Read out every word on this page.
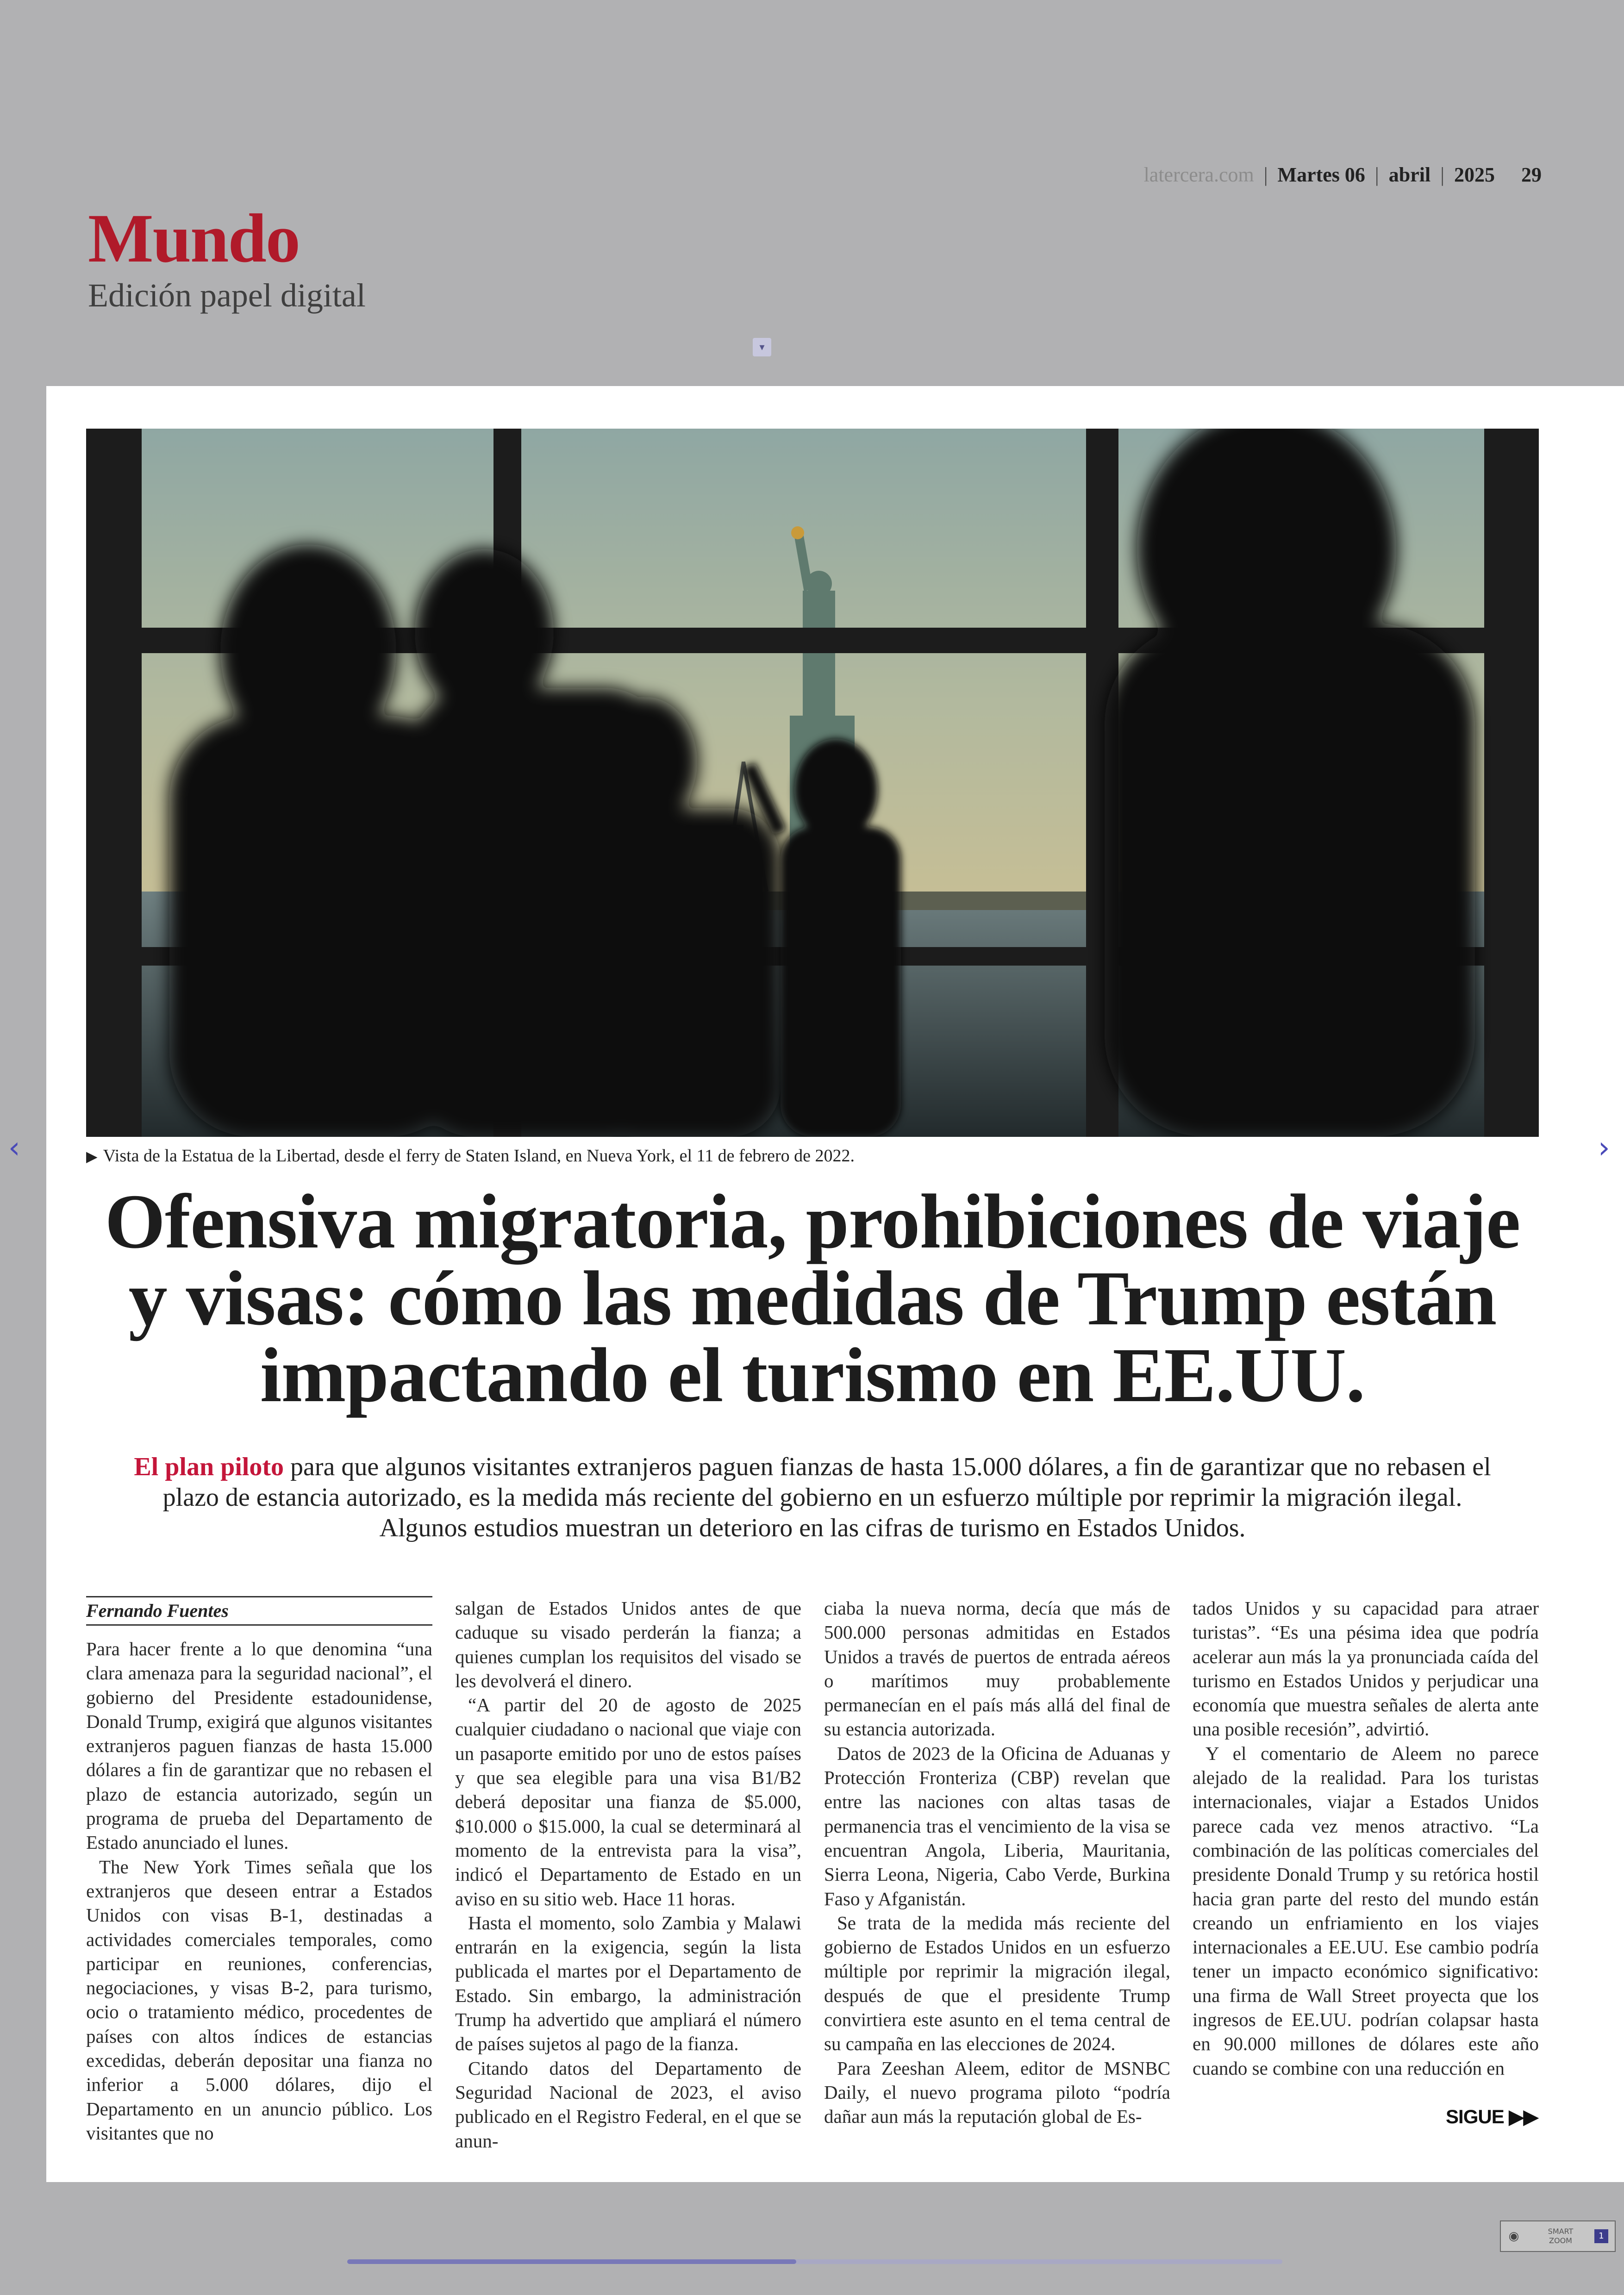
Mundo
Edición papel digital
latercera.com | Martes 06 | abril | 2025 29
▾
▶ Vista de la Estatua de la Libertad, desde el ferry de Staten Island, en Nueva York, el 11 de febrero de 2022.
Ofensiva migratoria, prohibiciones de viaje y visas: cómo las medidas de Trump están impactando el turismo en EE.UU.
El plan piloto para que algunos visitantes extranjeros paguen fianzas de hasta 15.000 dólares, a fin de garantizar que no rebasen el plazo de estancia autorizado, es la medida más reciente del gobierno en un esfuerzo múltiple por reprimir la migración ilegal. Algunos estudios muestran un deterioro en las cifras de turismo en Estados Unidos.
Fernando Fuentes

Para hacer frente a lo que denomina “una clara amenaza para la seguridad nacional”, el gobierno del Presidente estadounidense, Donald Trump, exigirá que algunos visitantes extranjeros paguen fianzas de hasta 15.000 dólares a fin de garantizar que no rebasen el plazo de estancia autorizado, según un programa de prueba del Departamento de Estado anunciado el lunes.

The New York Times señala que los extranjeros que deseen entrar a Estados Unidos con visas B-1, destinadas a actividades comerciales temporales, como participar en reuniones, conferencias, negociaciones, y visas B-2, para turismo, ocio o tratamiento médico, procedentes de países con altos índices de estancias excedidas, deberán depositar una fianza no inferior a 5.000 dólares, dijo el Departamento en un anuncio público. Los visitantes que no

salgan de Estados Unidos antes de que caduque su visado perderán la fianza; a quienes cumplan los requisitos del visado se les devolverá el dinero.

“A partir del 20 de agosto de 2025 cualquier ciudadano o nacional que viaje con un pasaporte emitido por uno de estos países y que sea elegible para una visa B1/B2 deberá depositar una fianza de $5.000, $10.000 o $15.000, la cual se determinará al momento de la entrevista para la visa”, indicó el Departamento de Estado en un aviso en su sitio web. Hace 11 horas.

Hasta el momento, solo Zambia y Malawi entrarán en la exigencia, según la lista publicada el martes por el Departamento de Estado. Sin embargo, la administración Trump ha advertido que ampliará el número de países sujetos al pago de la fianza.

Citando datos del Departamento de Seguridad Nacional de 2023, el aviso publicado en el Registro Federal, en el que se anun-

ciaba la nueva norma, decía que más de 500.000 personas admitidas en Estados Unidos a través de puertos de entrada aéreos o marítimos muy probablemente permanecían en el país más allá del final de su estancia autorizada.

Datos de 2023 de la Oficina de Aduanas y Protección Fronteriza (CBP) revelan que entre las naciones con altas tasas de permanencia tras el vencimiento de la visa se encuentran Angola, Liberia, Mauritania, Sierra Leona, Nigeria, Cabo Verde, Burkina Faso y Afganistán.

Se trata de la medida más reciente del gobierno de Estados Unidos en un esfuerzo múltiple por reprimir la migración ilegal, después de que el presidente Trump convirtiera este asunto en el tema central de su campaña en las elecciones de 2024.

Para Zeeshan Aleem, editor de MSNBC Daily, el nuevo programa piloto “podría dañar aun más la reputación global de Es-

tados Unidos y su capacidad para atraer turistas”. “Es una pésima idea que podría acelerar aun más la ya pronunciada caída del turismo en Estados Unidos y perjudicar una economía que muestra señales de alerta ante una posible recesión”, advirtió.

Y el comentario de Aleem no parece alejado de la realidad. Para los turistas internacionales, viajar a Estados Unidos parece cada vez menos atractivo. “La combinación de las políticas comerciales del presidente Donald Trump y su retórica hostil hacia gran parte del resto del mundo están creando un enfriamiento en los viajes internacionales a EE.UU. Ese cambio podría tener un impacto económico significativo: una firma de Wall Street proyecta que los ingresos de EE.UU. podrían colapsar hasta en 90.000 millones de dólares este año cuando se combine con una reducción en

SIGUE ▶▶
‹	›
◉	SMART
ZOOM	1
